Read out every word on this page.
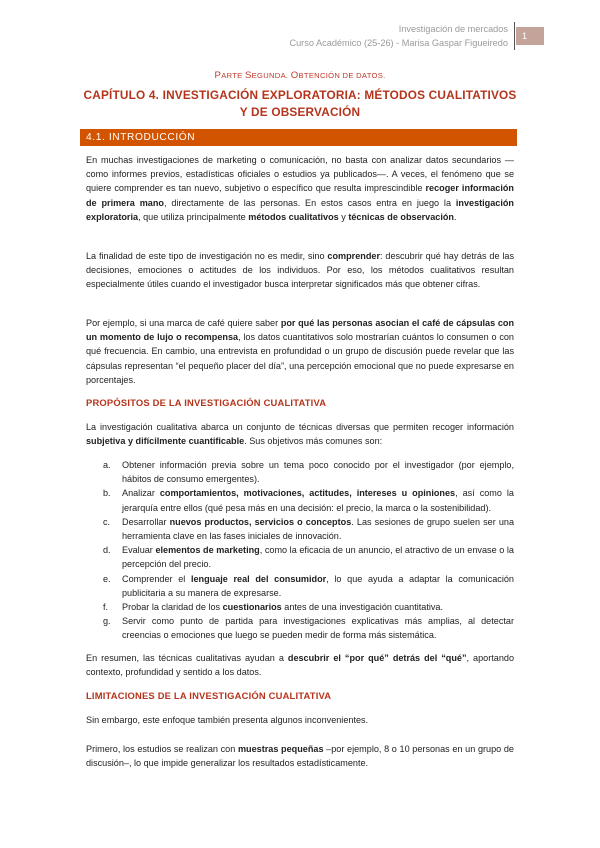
Investigación de mercados
Curso Académico (25-26) - Marisa Gaspar Figueiredo
1
PARTE SEGUNDA. OBTENCIÓN DE DATOS.
CAPÍTULO 4. INVESTIGACIÓN EXPLORATORIA: MÉTODOS CUALITATIVOS
Y DE OBSERVACIÓN
4.1. INTRODUCCIÓN

En muchas investigaciones de marketing o comunicación, no basta con analizar datos secundarios —como informes previos, estadísticas oficiales o estudios ya publicados—. A veces, el fenómeno que se quiere comprender es tan nuevo, subjetivo o específico que resulta imprescindible recoger información de primera mano, directamente de las personas. En estos casos entra en juego la investigación exploratoria, que utiliza principalmente métodos cualitativos y técnicas de observación.

La finalidad de este tipo de investigación no es medir, sino comprender: descubrir qué hay detrás de las decisiones, emociones o actitudes de los individuos. Por eso, los métodos cualitativos resultan especialmente útiles cuando el investigador busca interpretar significados más que obtener cifras.

Por ejemplo, si una marca de café quiere saber por qué las personas asocian el café de cápsulas con un momento de lujo o recompensa, los datos cuantitativos solo mostrarían cuántos lo consumen o con qué frecuencia. En cambio, una entrevista en profundidad o un grupo de discusión puede revelar que las cápsulas representan “el pequeño placer del día”, una percepción emocional que no puede expresarse en porcentajes.

PROPÓSITOS DE LA INVESTIGACIÓN CUALITATIVA

La investigación cualitativa abarca un conjunto de técnicas diversas que permiten recoger información subjetiva y difícilmente cuantificable. Sus objetivos más comunes son:

a. Obtener información previa sobre un tema poco conocido por el investigador (por ejemplo, hábitos de consumo emergentes).
b. Analizar comportamientos, motivaciones, actitudes, intereses u opiniones, así como la jerarquía entre ellos (qué pesa más en una decisión: el precio, la marca o la sostenibilidad).
c. Desarrollar nuevos productos, servicios o conceptos. Las sesiones de grupo suelen ser una herramienta clave en las fases iniciales de innovación.
d. Evaluar elementos de marketing, como la eficacia de un anuncio, el atractivo de un envase o la percepción del precio.
e. Comprender el lenguaje real del consumidor, lo que ayuda a adaptar la comunicación publicitaria a su manera de expresarse.
f. Probar la claridad de los cuestionarios antes de una investigación cuantitativa.
g. Servir como punto de partida para investigaciones explicativas más amplias, al detectar creencias o emociones que luego se pueden medir de forma más sistemática.

En resumen, las técnicas cualitativas ayudan a descubrir el “por qué” detrás del “qué”, aportando contexto, profundidad y sentido a los datos.

LIMITACIONES DE LA INVESTIGACIÓN CUALITATIVA

Sin embargo, este enfoque también presenta algunos inconvenientes.

Primero, los estudios se realizan con muestras pequeñas –por ejemplo, 8 o 10 personas en un grupo de discusión–, lo que impide generalizar los resultados estadísticamente.
